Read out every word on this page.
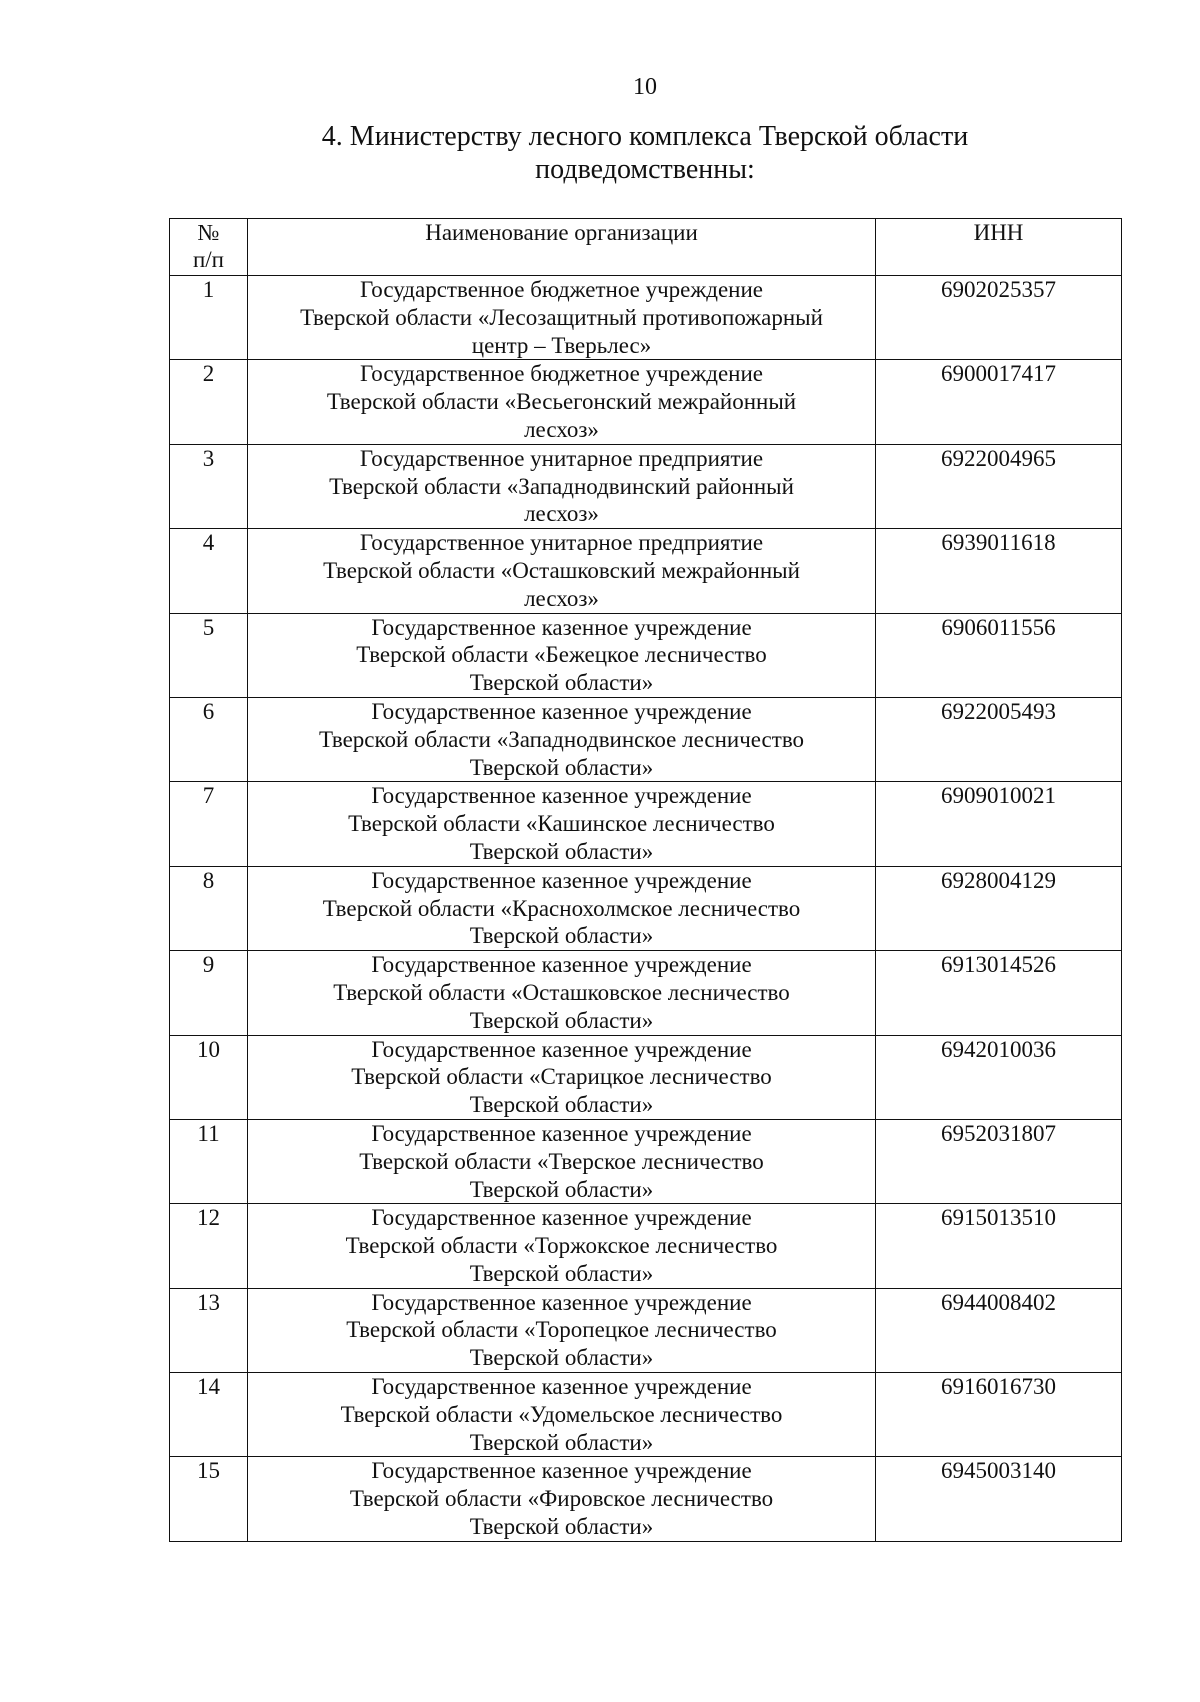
10
4. Министерству лесного комплекса Тверской области
подведомственны:
№
п/п	Наименование организации	ИНН
1	Государственное бюджетное учреждение
Тверской области «Лесозащитный противопожарный
центр – Тверьлес»	6902025357
2	Государственное бюджетное учреждение
Тверской области «Весьегонский межрайонный
лесхоз»	6900017417
3	Государственное унитарное предприятие
Тверской области «Западнодвинский районный
лесхоз»	6922004965
4	Государственное унитарное предприятие
Тверской области «Осташковский межрайонный
лесхоз»	6939011618
5	Государственное казенное учреждение
Тверской области «Бежецкое лесничество
Тверской области»	6906011556
6	Государственное казенное учреждение
Тверской области «Западнодвинское лесничество
Тверской области»	6922005493
7	Государственное казенное учреждение
Тверской области «Кашинское лесничество
Тверской области»	6909010021
8	Государственное казенное учреждение
Тверской области «Краснохолмское лесничество
Тверской области»	6928004129
9	Государственное казенное учреждение
Тверской области «Осташковское лесничество
Тверской области»	6913014526
10	Государственное казенное учреждение
Тверской области «Старицкое лесничество
Тверской области»	6942010036
11	Государственное казенное учреждение
Тверской области «Тверское лесничество
Тверской области»	6952031807
12	Государственное казенное учреждение
Тверской области «Торжокское лесничество
Тверской области»	6915013510
13	Государственное казенное учреждение
Тверской области «Торопецкое лесничество
Тверской области»	6944008402
14	Государственное казенное учреждение
Тверской области «Удомельское лесничество
Тверской области»	6916016730
15	Государственное казенное учреждение
Тверской области «Фировское лесничество
Тверской области»	6945003140
